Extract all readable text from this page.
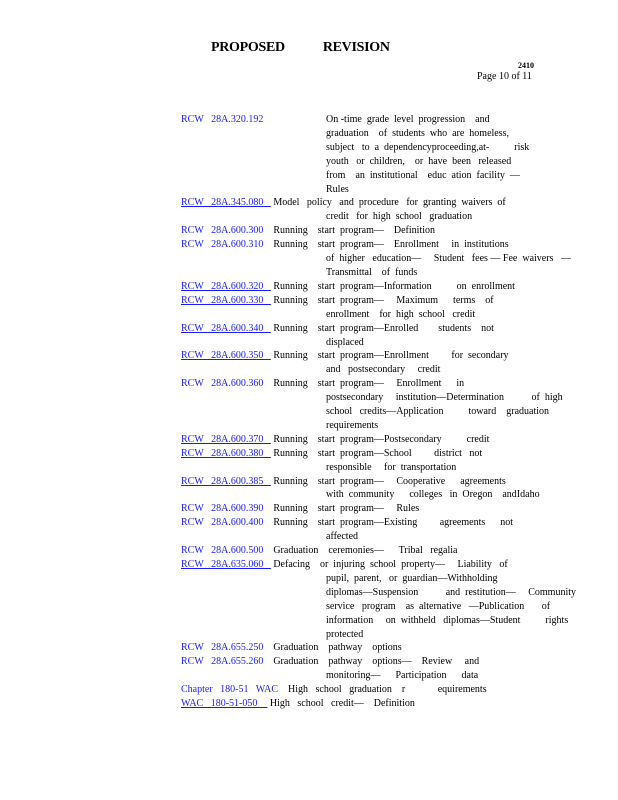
PROPOSED	REVISION
2410
Page 10 of 11
RCW   28A.320.192	On -time  grade  level  progression    and
graduation    of  students  who  are  homeless,
subject   to  a  dependencyproceeding,at-          risk
youth   or  children,    or  have  been   released
from    an  institutional    educ  ation  facility  —
Rules
RCW   28A.345.080    Model   policy   and  procedure   for  granting  waivers  of
credit   for  high  school   graduation
RCW   28A.600.300    Running    start  program—    Definition
RCW   28A.600.310    Running    start  program—    Enrollment     in  institutions
of  higher   education—     Student   fees — Fee  waivers   —
Transmittal    of  funds
RCW   28A.600.320    Running    start  program—Information          on  enrollment
RCW   28A.600.330    Running    start  program—     Maximum      terms    of
enrollment    for  high  school   credit
RCW   28A.600.340    Running    start  program—Enrolled        students    not
displaced
RCW   28A.600.350    Running    start  program—Enrollment         for  secondary
and   postsecondary     credit
RCW   28A.600.360    Running    start  program—     Enrollment      in
postsecondary     institution—Determination           of  high
school   credits—Application          toward    graduation
requirements
RCW   28A.600.370    Running    start  program—Postsecondary          credit
RCW   28A.600.380    Running    start  program—School         district   not
responsible     for  transportation
RCW   28A.600.385    Running    start  program—     Cooperative      agreements
with  community      colleges   in  Oregon    andIdaho
RCW   28A.600.390    Running    start  program—     Rules
RCW   28A.600.400    Running    start  program—Existing         agreements      not
affected
RCW   28A.600.500    Graduation    ceremonies—      Tribal   regalia
RCW   28A.635.060    Defacing    or  injuring  school  property—     Liability   of
pupil,  parent,   or  guardian—Withholding
diplomas—Suspension           and  restitution—     Community
service   program    as  alternative   —Publication       of
information     on  withheld   diplomas—Student          rights
protected
RCW   28A.655.250    Graduation    pathway    options
RCW   28A.655.260    Graduation    pathway    options—    Review     and
monitoring—      Participation      data
Chapter   180-51   WAC    High   school   graduation    r             equirements
WAC   180-51-050     High   school   credit—    Definition
